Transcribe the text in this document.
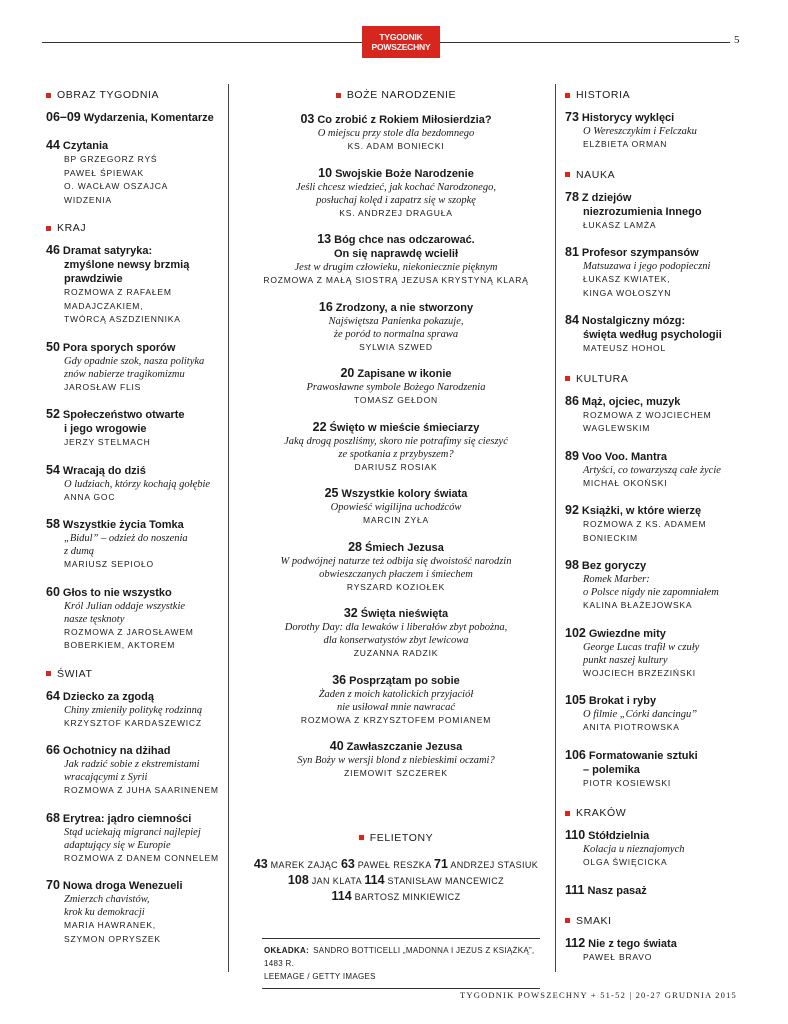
TYGODNIK POWSZECHNY
5
OBRAZ TYGODNIA
06–09 Wydarzenia, Komentarze
44 Czytania
BP GRZEGORZ RYŚ
PAWEŁ ŚPIEWAK
O. WACŁAW OSZAJCA
WIDZENIA
KRAJ
46 Dramat satyryka:
zmyślone newsy brzmią
prawdziwie
ROZMOWA Z RAFAŁEM
MADAJCZAKIEM,
TWÓRCĄ ASZDZIENNIKA
50 Pora sporych sporów
Gdy opadnie szok, nasza polityka
znów nabierze tragikomizmu
JAROSŁAW FLIS
52 Społeczeństwo otwarte
i jego wrogowie
JERZY STELMACH
54 Wracają do dziś
O ludziach, którzy kochają gołębie
ANNA GOC
58 Wszystkie życia Tomka
„Bidul” – odzież do noszenia
z dumą
MARIUSZ SEPIOŁO
60 Głos to nie wszystko
Król Julian oddaje wszystkie
nasze tęsknoty
ROZMOWA Z JAROSŁAWEM
BOBERKIEM, AKTOREM
ŚWIAT
64 Dziecko za zgodą
Chiny zmieniły politykę rodzinną
KRZYSZTOF KARDASZEWICZ
66 Ochotnicy na dżihad
Jak radzić sobie z ekstremistami
wracającymi z Syrii
ROZMOWA Z JUHA SAARINENEM
68 Erytrea: jądro ciemności
Stąd uciekają migranci najlepiej
adaptujący się w Europie
ROZMOWA Z DANEM CONNELEM
70 Nowa droga Wenezueli
Zmierzch chavistów,
krok ku demokracji
MARIA HAWRANEK,
SZYMON OPRYSZEK
BOŻE NARODZENIE
03 Co zrobić z Rokiem Miłosierdzia?
O miejscu przy stole dla bezdomnego
KS. ADAM BONIECKI
10 Swojskie Boże Narodzenie
Jeśli chcesz wiedzieć, jak kochać Narodzonego,
posłuchaj kolęd i zapatrz się w szopkę
KS. ANDRZEJ DRAGUŁA
13 Bóg chce nas odczarować.
On się naprawdę wcielił
Jest w drugim człowieku, niekoniecznie pięknym
ROZMOWA Z MAŁĄ SIOSTRĄ JEZUSA KRYSTYNĄ KLARĄ
16 Zrodzony, a nie stworzony
Najświętsza Panienka pokazuje,
że poród to normalna sprawa
SYLWIA SZWED
20 Zapisane w ikonie
Prawosławne symbole Bożego Narodzenia
TOMASZ GEŁDON
22 Święto w mieście śmieciarzy
Jaką drogą poszliśmy, skoro nie potrafimy się cieszyć
ze spotkania z przybyszem?
DARIUSZ ROSIAK
25 Wszystkie kolory świata
Opowieść wigilijna uchodźców
MARCIN ŻYŁA
28 Śmiech Jezusa
W podwójnej naturze też odbija się dwoistość narodzin
obwieszczanych płaczem i śmiechem
RYSZARD KOZIOŁEK
32 Święta nieświęta
Dorothy Day: dla lewaków i liberałów zbyt pobożna,
dla konserwatystów zbyt lewicowa
ZUZANNA RADZIK
36 Posprzątam po sobie
Żaden z moich katolickich przyjaciół
nie usiłował mnie nawracać
ROZMOWA Z KRZYSZTOFEM POMIANEM
40 Zawłaszczanie Jezusa
Syn Boży w wersji blond z niebieskimi oczami?
ZIEMOWIT SZCZEREK
FELIETONY
43 MAREK ZAJĄC 63 PAWEŁ RESZKA 71 ANDRZEJ STASIUK
108 JAN KLATA 114 STANISŁAW MANCEWICZ
114 BARTOSZ MINKIEWICZ
HISTORIA
73 Historycy wyklęci
O Wereszczykim i Felczaku
ELŻBIETA ORMAN
NAUKA
78 Z dziejów
niezrozumienia Innego
ŁUKASZ LAMŻA
81 Profesor szympansów
Matsuzawa i jego podopieczni
ŁUKASZ KWIATEK,
KINGA WOŁOSZYN
84 Nostalgiczny mózg:
święta według psychologii
MATEUSZ HOHOL
KULTURA
86 Mąż, ojciec, muzyk
ROZMOWA Z WOJCIECHEM
WAGLEWSKIM
89 Voo Voo. Mantra
Artyści, co towarzyszą całe życie
MICHAŁ OKOŃSKI
92 Książki, w które wierzę
ROZMOWA Z KS. ADAMEM
BONIECKIM
98 Bez goryczy
Romek Marber:
o Polsce nigdy nie zapomniałem
KALINA BŁAŻEJOWSKA
102 Gwiezdne mity
George Lucas trafił w czuły
punkt naszej kultury
WOJCIECH BRZEZIŃSKI
105 Brokat i ryby
O filmie „Córki dancingu”
ANITA PIOTROWSKA
106 Formatowanie sztuki
– polemika
PIOTR KOSIEWSKI
KRAKÓW
110 Stółdzielnia
Kolacja u nieznajomych
OLGA ŚWIĘCICKA
111 Nasz pasaż
SMAKI
112 Nie z tego świata
PAWEŁ BRAVO
OKŁADKA: SANDRO BOTTICELLI „MADONNA I JEZUS Z KSIĄŻKĄ”, 1483 R.
LEEMAGE / GETTY IMAGES
TYGODNIK POWSZECHNY + 51-52 | 20-27 GRUDNIA 2015
